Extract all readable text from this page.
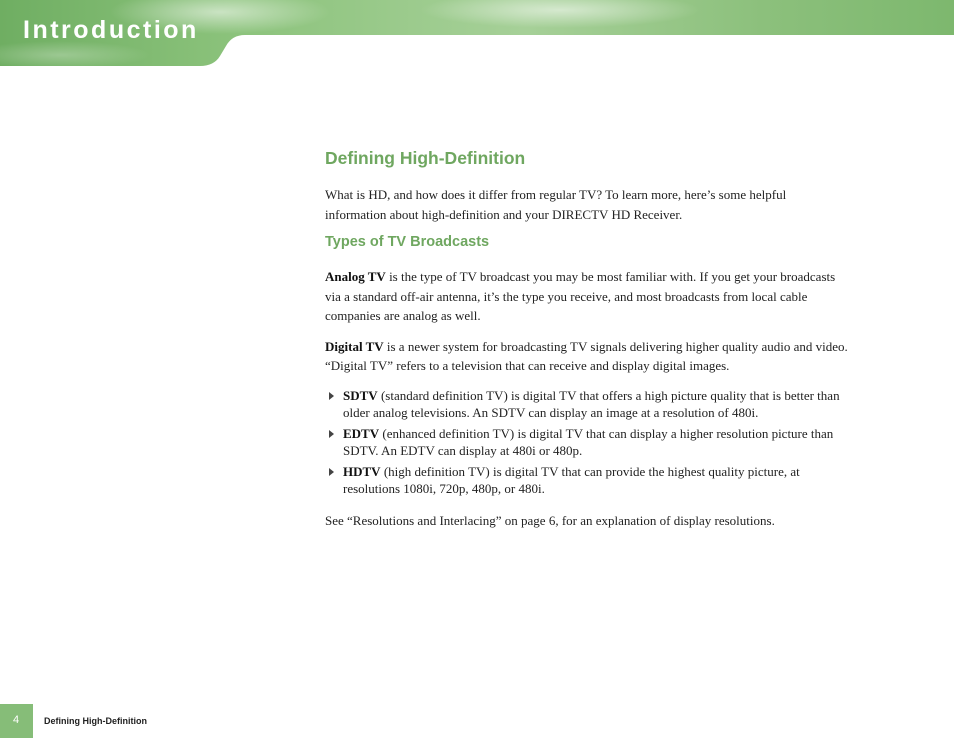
Introduction
Defining High-Definition

What is HD, and how does it differ from regular TV? To learn more, here’s some helpful information about high-definition and your DIRECTV HD Receiver.

Types of TV Broadcasts

Analog TV is the type of TV broadcast you may be most familiar with. If you get your broadcasts via a standard off-air antenna, it’s the type you receive, and most broadcasts from local cable companies are analog as well.

Digital TV is a newer system for broadcasting TV signals delivering higher quality audio and video. “Digital TV” refers to a television that can receive and display digital images.

SDTV (standard definition TV) is digital TV that offers a high picture quality that is better than older analog televisions. An SDTV can display an image at a resolution of 480i.
EDTV (enhanced definition TV) is digital TV that can display a higher resolution picture than SDTV. An EDTV can display at 480i or 480p.
HDTV (high definition TV) is digital TV that can provide the highest quality picture, at resolutions 1080i, 720p, 480p, or 480i.

See “Resolutions and Interlacing” on page 6, for an explanation of display resolutions.

4	Defining High-Definition
